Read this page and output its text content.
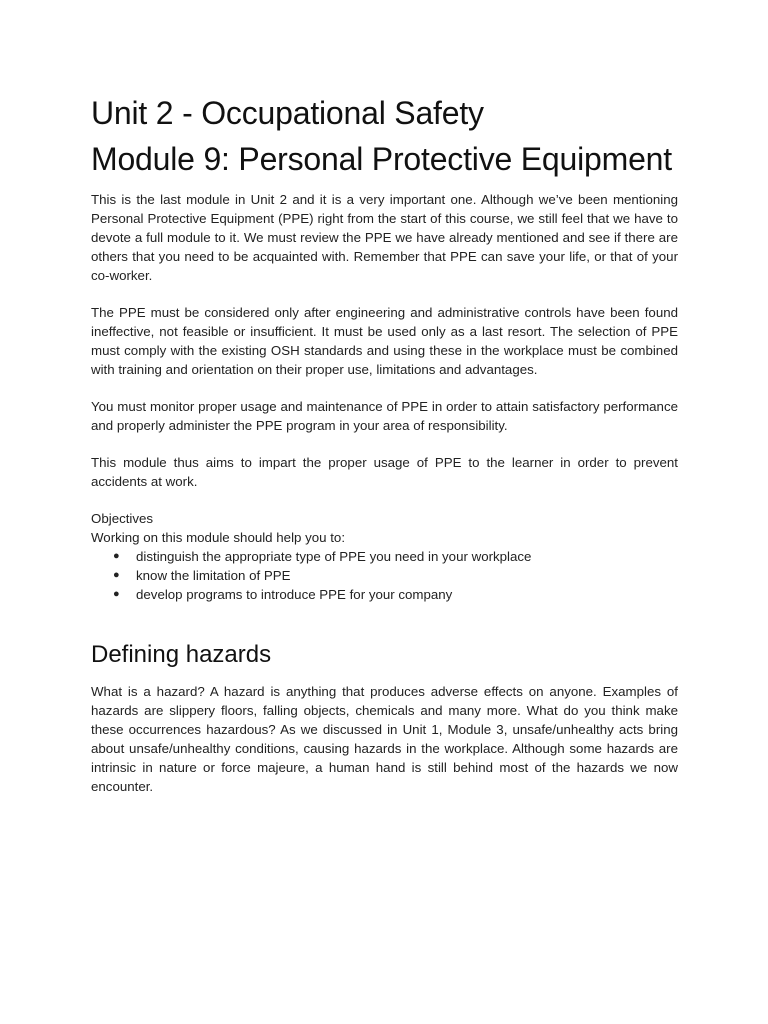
Unit 2 - Occupational Safety
Module 9: Personal Protective Equipment

This is the last module in Unit 2 and it is a very important one. Although we’ve been mentioning Personal Protective Equipment (PPE) right from the start of this course, we still feel that we have to devote a full module to it. We must review the PPE we have already mentioned and see if there are others that you need to be acquainted with. Remember that PPE can save your life, or that of your co-worker.

The PPE must be considered only after engineering and administrative controls have been found ineffective, not feasible or insufficient. It must be used only as a last resort. The selection of PPE must comply with the existing OSH standards and using these in the workplace must be combined with training and orientation on their proper use, limitations and advantages.

You must monitor proper usage and maintenance of PPE in order to attain satisfactory performance and properly administer the PPE program in your area of responsibility.

This module thus aims to impart the proper usage of PPE to the learner in order to prevent accidents at work.

Objectives
Working on this module should help you to:
● distinguish the appropriate type of PPE you need in your workplace
● know the limitation of PPE
● develop programs to introduce PPE for your company
Defining hazards

What is a hazard? A hazard is anything that produces adverse effects on anyone. Examples of hazards are slippery floors, falling objects, chemicals and many more. What do you think make these occurrences hazardous? As we discussed in Unit 1, Module 3, unsafe/unhealthy acts bring about unsafe/unhealthy conditions, causing hazards in the workplace. Although some hazards are intrinsic in nature or force majeure, a human hand is still behind most of the hazards we now encounter.
